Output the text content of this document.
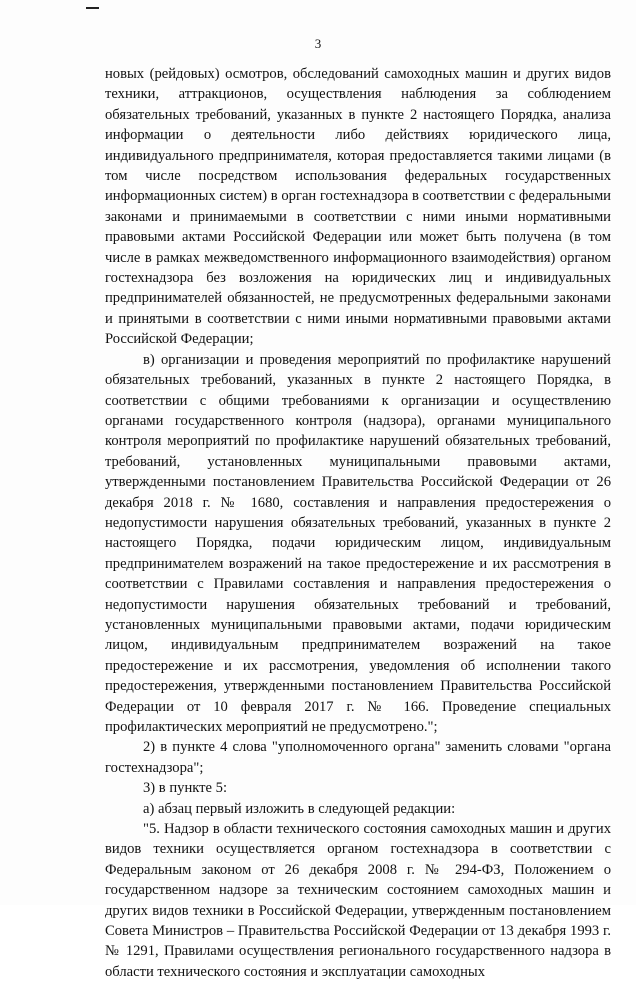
3

новых (рейдовых) осмотров, обследований самоходных машин и других видов техники, аттракционов, осуществления наблюдения за соблюдением обязательных требований, указанных в пункте 2 настоящего Порядка, анализа информации о деятельности либо действиях юридического лица, индивидуального предпринимателя, которая предоставляется такими лицами (в том числе посредством использования федеральных государственных информационных систем) в орган гостехнадзора в соответствии с федеральными законами и принимаемыми в соответствии с ними иными нормативными правовыми актами Российской Федерации или может быть получена (в том числе в рамках межведомственного информационного взаимодействия) органом гостехнадзора без возложения на юридических лиц и индивидуальных предпринимателей обязанностей, не предусмотренных федеральными законами и принятыми в соответствии с ними иными нормативными правовыми актами Российской Федерации;

в) организации и проведения мероприятий по профилактике нарушений обязательных требований, указанных в пункте 2 настоящего Порядка, в соответствии с общими требованиями к организации и осуществлению органами государственного контроля (надзора), органами муниципального контроля мероприятий по профилактике нарушений обязательных требований, требований, установленных муниципальными правовыми актами, утвержденными постановлением Правительства Российской Федерации от 26 декабря 2018 г. № 1680, составления и направления предостережения о недопустимости нарушения обязательных требований, указанных в пункте 2 настоящего Порядка, подачи юридическим лицом, индивидуальным предпринимателем возражений на такое предостережение и их рассмотрения в соответствии с Правилами составления и направления предостережения о недопустимости нарушения обязательных требований и требований, установленных муниципальными правовыми актами, подачи юридическим лицом, индивидуальным предпринимателем возражений на такое предостережение и их рассмотрения, уведомления об исполнении такого предостережения, утвержденными постановлением Правительства Российской Федерации от 10 февраля 2017 г. № 166. Проведение специальных профилактических мероприятий не предусмотрено.";

2) в пункте 4 слова "уполномоченного органа" заменить словами "органа гостехнадзора";

3) в пункте 5:

а) абзац первый изложить в следующей редакции:

"5. Надзор в области технического состояния самоходных машин и других видов техники осуществляется органом гостехнадзора в соответствии с Федеральным законом от 26 декабря 2008 г. № 294-ФЗ, Положением о государственном надзоре за техническим состоянием самоходных машин и других видов техники в Российской Федерации, утвержденным постановлением Совета Министров – Правительства Российской Федерации от 13 декабря 1993 г. № 1291, Правилами осуществления регионального государственного надзора в области технического состояния и эксплуатации самоходных
